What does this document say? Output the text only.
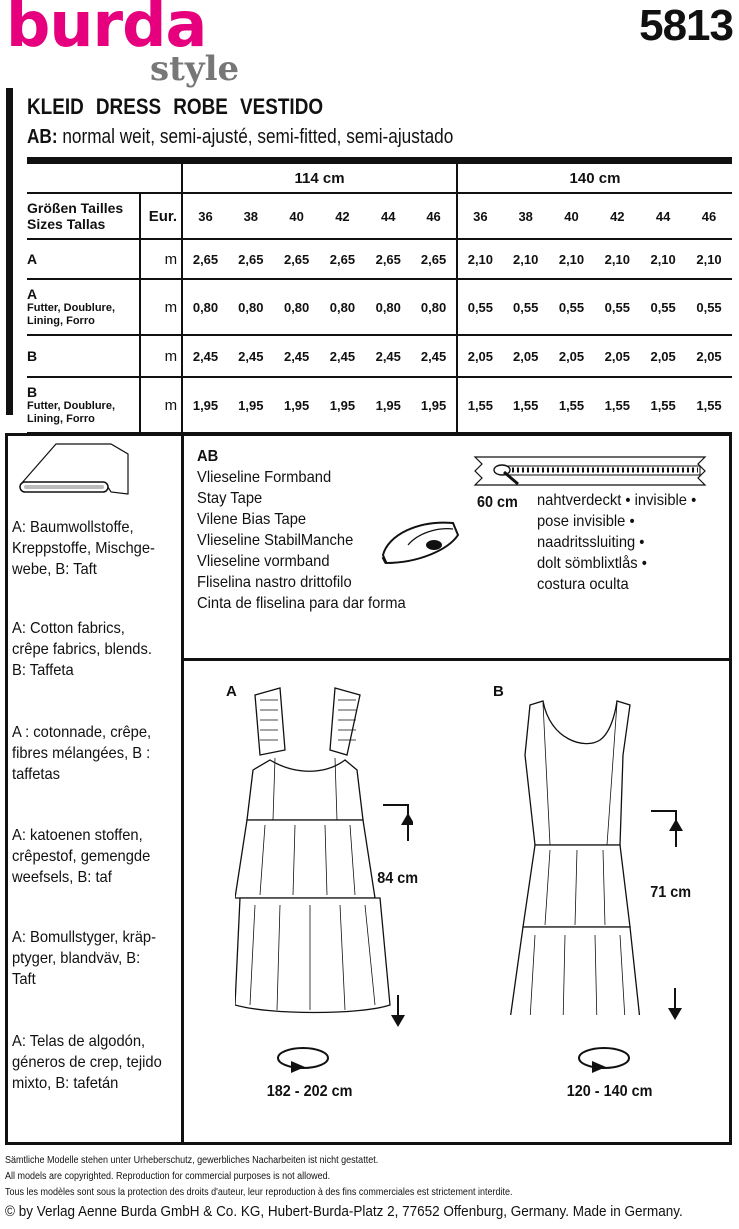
burda
style
5813
KLEID DRESS ROBE VESTIDO
AB: normal weit, semi-ajusté, semi-fitted, semi-ajustado
		114 cm						140 cm					
Größen Tailles
Sizes Tallas	Eur.	36	38	40	42	44	46	36	38	40	42	44	46
A	m	2,65	2,65	2,65	2,65	2,65	2,65	2,10	2,10	2,10	2,10	2,10	2,10
A
Futter, Doublure, Lining, Forro	m	0,80	0,80	0,80	0,80	0,80	0,80	0,55	0,55	0,55	0,55	0,55	0,55
B	m	2,45	2,45	2,45	2,45	2,45	2,45	2,05	2,05	2,05	2,05	2,05	2,05
B
Futter, Doublure, Lining, Forro	m	1,95	1,95	1,95	1,95	1,95	1,95	1,55	1,55	1,55	1,55	1,55	1,55
A: Baumwollstoffe, Kreppstoffe, Mischge-webe, B: Taft
A: Cotton fabrics, crêpe fabrics, blends. B: Taffeta
A : cotonnade, crêpe, fibres mélangées, B : taffetas
A: katoenen stoffen, crêpestof, gemengde weefsels, B: taf
A: Bomullstyger, kräp-ptyger, blandväv, B: Taft
A: Telas de algodón, géneros de crep, tejido mixto, B: tafetán
AB
Vlieseline Formband
Stay Tape
Vilene Bias Tape
Vlieseline StabilManche
Vlieseline vormband
Fliselina nastro drittofilo
Cinta de fliselina para dar forma
60 cm nahtverdeckt • invisible •
pose invisible •
naadritssluiting •
dolt sömblixtlås •
costura oculta
A
84 cm
182 - 202 cm
B
71 cm
120 - 140 cm
Sämtliche Modelle stehen unter Urheberschutz, gewerbliches Nacharbeiten ist nicht gestattet.
All models are copyrighted. Reproduction for commercial purposes is not allowed.
Tous les modèles sont sous la protection des droits d'auteur, leur reproduction à des fins commerciales est strictement interdite.
© by Verlag Aenne Burda GmbH & Co. KG, Hubert-Burda-Platz 2, 77652 Offenburg, Germany. Made in Germany.
